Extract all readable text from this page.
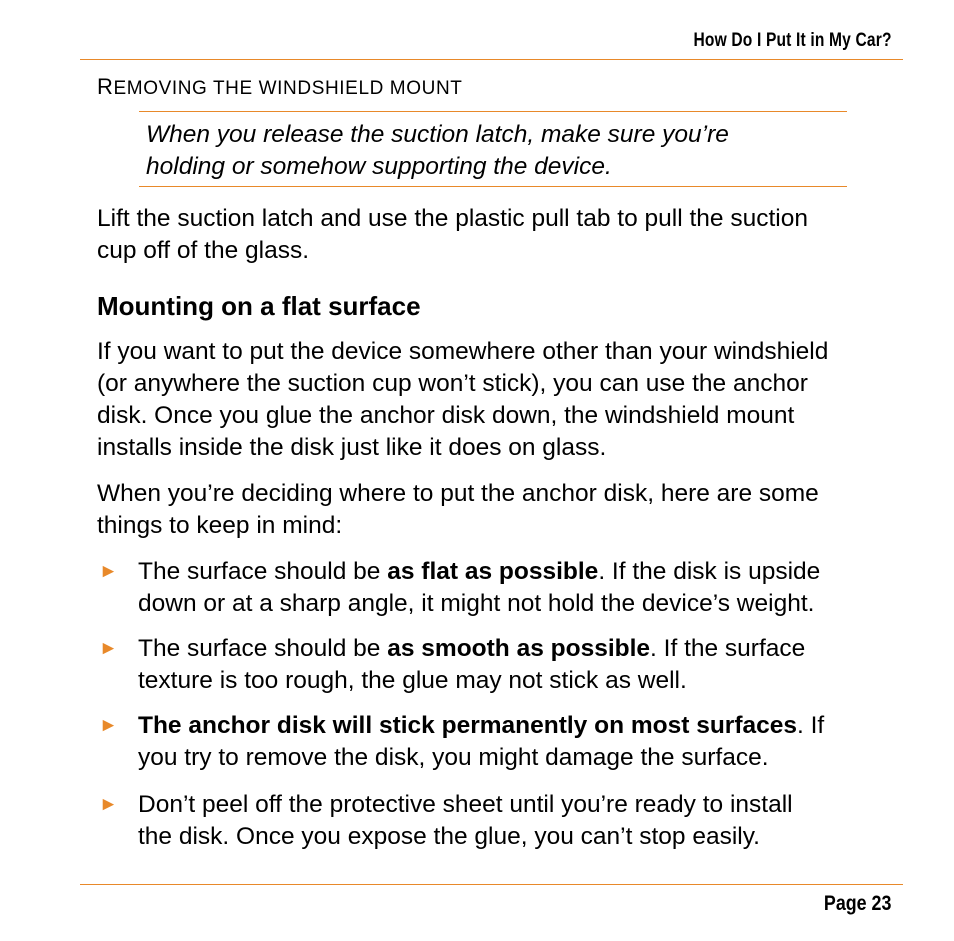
How Do I Put It in My Car?
REMOVING THE WINDSHIELD MOUNT
When you release the suction latch, make sure you’re
holding or somehow supporting the device.
Lift the suction latch and use the plastic pull tab to pull the suction
cup off of the glass.
Mounting on a flat surface
If you want to put the device somewhere other than your windshield
(or anywhere the suction cup won’t stick), you can use the anchor
disk. Once you glue the anchor disk down, the windshield mount
installs inside the disk just like it does on glass.
When you’re deciding where to put the anchor disk, here are some
things to keep in mind:
► The surface should be as flat as possible. If the disk is upside
down or at a sharp angle, it might not hold the device’s weight.
► The surface should be as smooth as possible. If the surface
texture is too rough, the glue may not stick as well.
► The anchor disk will stick permanently on most surfaces. If
you try to remove the disk, you might damage the surface.
► Don’t peel off the protective sheet until you’re ready to install
the disk. Once you expose the glue, you can’t stop easily.
Page 23
